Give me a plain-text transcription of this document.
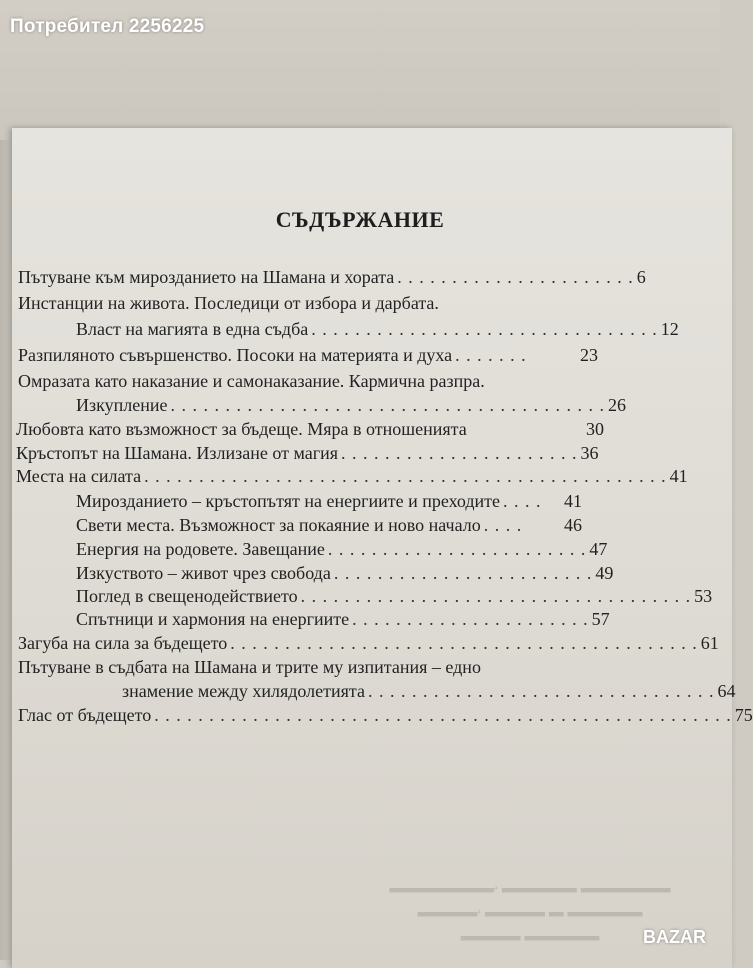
Потребител 2256225
СЪДЪРЖАНИЕ
Пътуване към мирозданието на Шамана и хората . . . . . . . . . . . . . . . . . . . . . . 6
Инстанции на живота. Последици от избора и дарбата.
Власт на магията в една съдба . . . . . . . . . . . . . . . . . . . . . . . . . . . . . . . . 12
Разпиляното съвършенство. Посоки на материята и духа . . . . . . .	23
Омразата като наказание и самонаказание. Кармична разпра.
Изкупление . . . . . . . . . . . . . . . . . . . . . . . . . . . . . . . . . . . . . . . . 26
Любовта като възможност за бъдеще. Мяра в отношенията	30
Кръстопът на Шамана. Излизане от магия . . . . . . . . . . . . . . . . . . . . . . 36
Места на силата . . . . . . . . . . . . . . . . . . . . . . . . . . . . . . . . . . . . . . . . . . . . . . . . 41
Мирозданието – кръстопътят на енергиите и преходите . . . .	41
Свети места. Възможност за покаяние и ново начало . . . .	46
Енергия на родовете. Завещание . . . . . . . . . . . . . . . . . . . . . . . . 47
Изкуството – живот чрез свобода . . . . . . . . . . . . . . . . . . . . . . . . 49
Поглед в свещенодействието . . . . . . . . . . . . . . . . . . . . . . . . . . . . . . . . . . . . 53
Спътници и хармония на енергиите . . . . . . . . . . . . . . . . . . . . . . 57
Загуба на сила за бъдещето . . . . . . . . . . . . . . . . . . . . . . . . . . . . . . . . . . . . . . . . . . . 61
Пътуване в съдбата на Шамана и трите му изпитания – едно
знамение между хилядолетията . . . . . . . . . . . . . . . . . . . . . . . . . . . . . . . . 64
Глас от бъдещето . . . . . . . . . . . . . . . . . . . . . . . . . . . . . . . . . . . . . . . . . . . . . . . . . . . . . 75
▬▬▬▬ ▬▬▬▬▬
▬▬▬▬, ▬▬▬▬ ▬ ▬▬▬▬▬
▬▬▬▬▬▬▬, ▬▬▬▬▬ ▬▬▬▬▬▬
BAZAR
